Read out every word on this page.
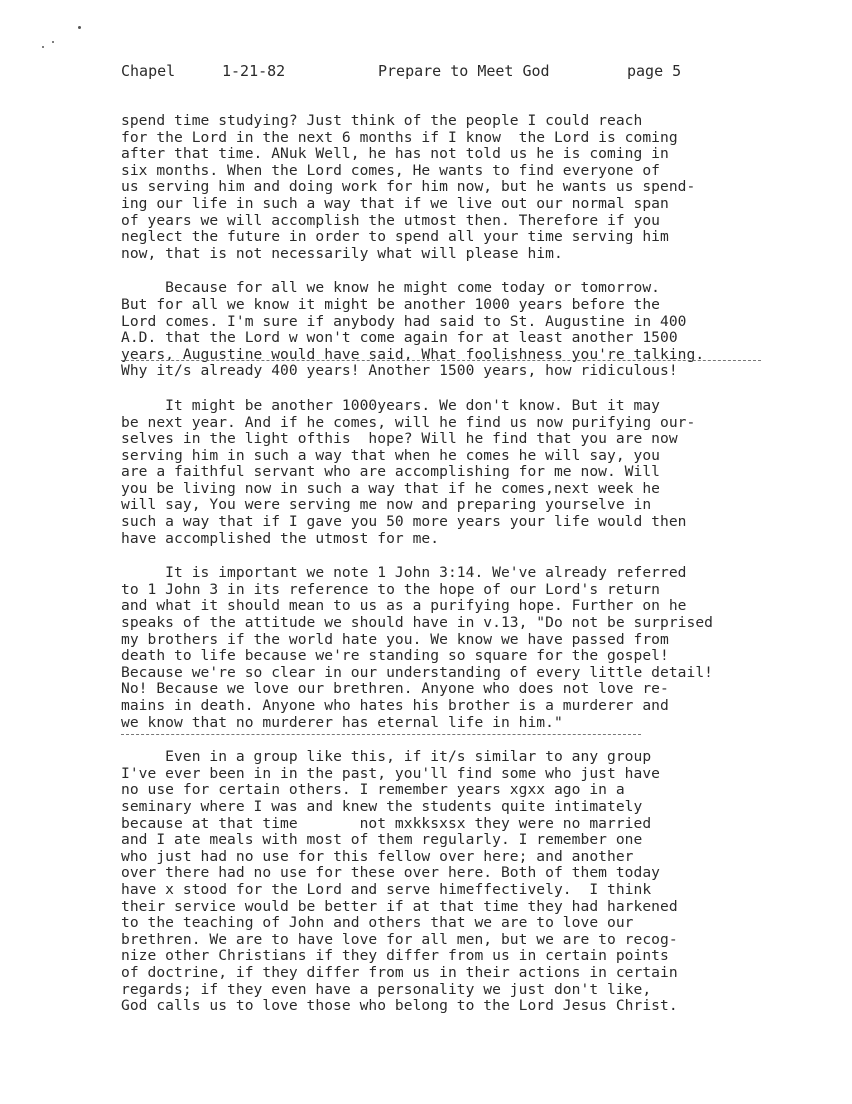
Chapel	1-21-82	Prepare to Meet God	page 5
spend time studying? Just think of the people I could reach
for the Lord in the next 6 months if I know  the Lord is coming
after that time. ANuk Well, he has not told us he is coming in
six months. When the Lord comes, He wants to find everyone of
us serving him and doing work for him now, but he wants us spend-
ing our life in such a way that if we live out our normal span
of years we will accomplish the utmost then. Therefore if you
neglect the future in order to spend all your time serving him
now, that is not necessarily what will please him.
Because for all we know he might come today or tomorrow.
But for all we know it might be another 1000 years before the
Lord comes. I'm sure if anybody had said to St. Augustine in 400
A.D. that the Lord w won't come again for at least another 1500
years, Augustine would have said, What foolishness you're talking.
Why it/s already 400 years! Another 1500 years, how ridiculous!
It might be another 1000years. We don't know. But it may
be next year. And if he comes, will he find us now purifying our-
selves in the light ofthis  hope? Will he find that you are now
serving him in such a way that when he comes he will say, you
are a faithful servant who are accomplishing for me now. Will
you be living now in such a way that if he comes,next week he
will say, You were serving me now and preparing yourselve in
such a way that if I gave you 50 more years your life would then
have accomplished the utmost for me.
It is important we note 1 John 3:14. We've already referred
to 1 John 3 in its reference to the hope of our Lord's return
and what it should mean to us as a purifying hope. Further on he
speaks of the attitude we should have in v.13, "Do not be surprised
my brothers if the world hate you. We know we have passed from
death to life because we're standing so square for the gospel!
Because we're so clear in our understanding of every little detail!
No! Because we love our brethren. Anyone who does not love re-
mains in death. Anyone who hates his brother is a murderer and
we know that no murderer has eternal life in him."
Even in a group like this, if it/s similar to any group
I've ever been in in the past, you'll find some who just have
no use for certain others. I remember years xgxx ago in a
seminary where I was and knew the students quite intimately
because at that time       not mxkksxsx they were no married
and I ate meals with most of them regularly. I remember one
who just had no use for this fellow over here; and another
over there had no use for these over here. Both of them today
have x stood for the Lord and serve himeffectively.  I think
their service would be better if at that time they had harkened
to the teaching of John and others that we are to love our
brethren. We are to have love for all men, but we are to recog-
nize other Christians if they differ from us in certain points
of doctrine, if they differ from us in their actions in certain
regards; if they even have a personality we just don't like,
God calls us to love those who belong to the Lord Jesus Christ.
